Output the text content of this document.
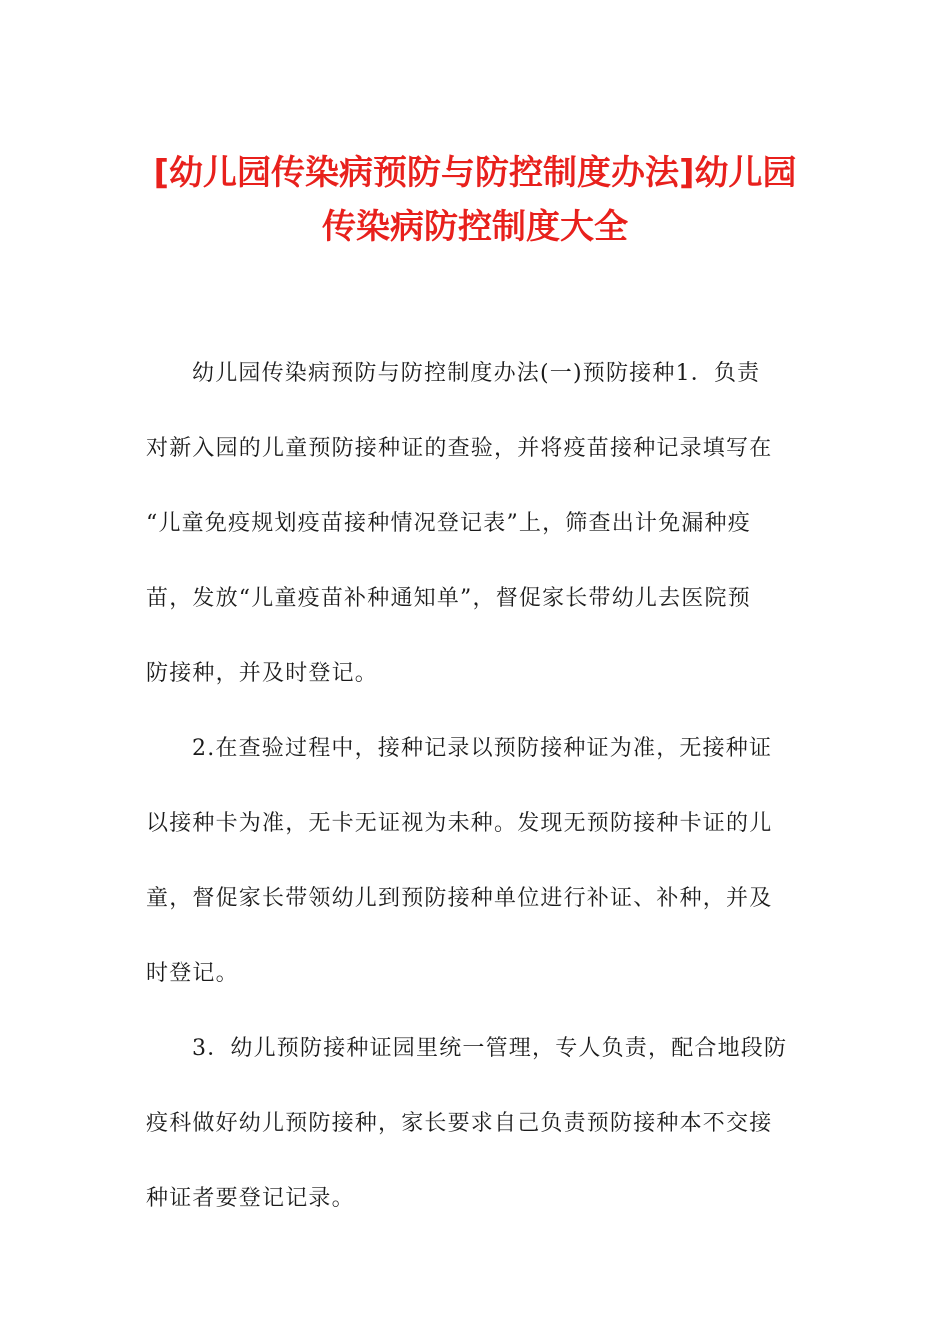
[幼儿园传染病预防与防控制度办法]幼儿园
传染病防控制度大全
幼儿园传染病预防与防控制度办法(一)预防接种1．负责
对新入园的儿童预防接种证的查验，并将疫苗接种记录填写在
“儿童免疫规划疫苗接种情况登记表”上，筛查出计免漏种疫
苗，发放“儿童疫苗补种通知单”，督促家长带幼儿去医院预
防接种，并及时登记。
2.在查验过程中，接种记录以预防接种证为准，无接种证
以接种卡为准，无卡无证视为未种。发现无预防接种卡证的儿
童，督促家长带领幼儿到预防接种单位进行补证、补种，并及
时登记。
3．幼儿预防接种证园里统一管理，专人负责，配合地段防
疫科做好幼儿预防接种，家长要求自己负责预防接种本不交接
种证者要登记记录。
